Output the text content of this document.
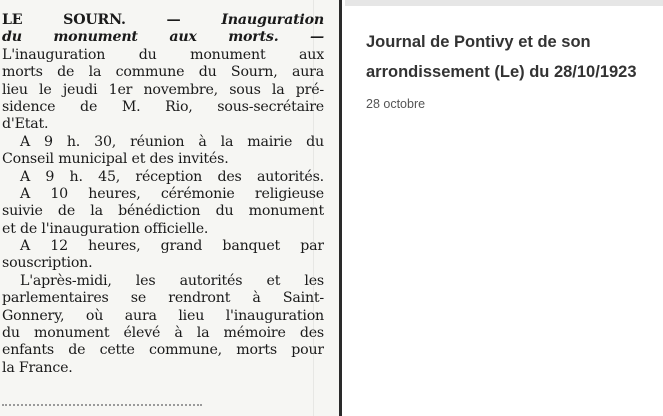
LE SOURN. — Inauguration
du monument aux morts. —
L'inauguration du monument aux
morts de la commune du Sourn, aura
lieu le jeudi 1er novembre, sous la pré-
sidence de M. Rio, sous-secrétaire
d'Etat.
A 9 h. 30, réunion à la mairie du
Conseil municipal et des invités.
A 9 h. 45, réception des autorités.
A 10 heures, cérémonie religieuse
suivie de la bénédiction du monument
et de l'inauguration officielle.
A 12 heures, grand banquet par
souscription.
L'après-midi, les autorités et les
parlementaires se rendront à Saint-
Gonnery, où aura lieu l'inauguration
du monument élevé à la mémoire des
enfants de cette commune, morts pour
la France.
Journal de Pontivy et de son arrondissement (Le) du 28/10/1923
28 octobre
